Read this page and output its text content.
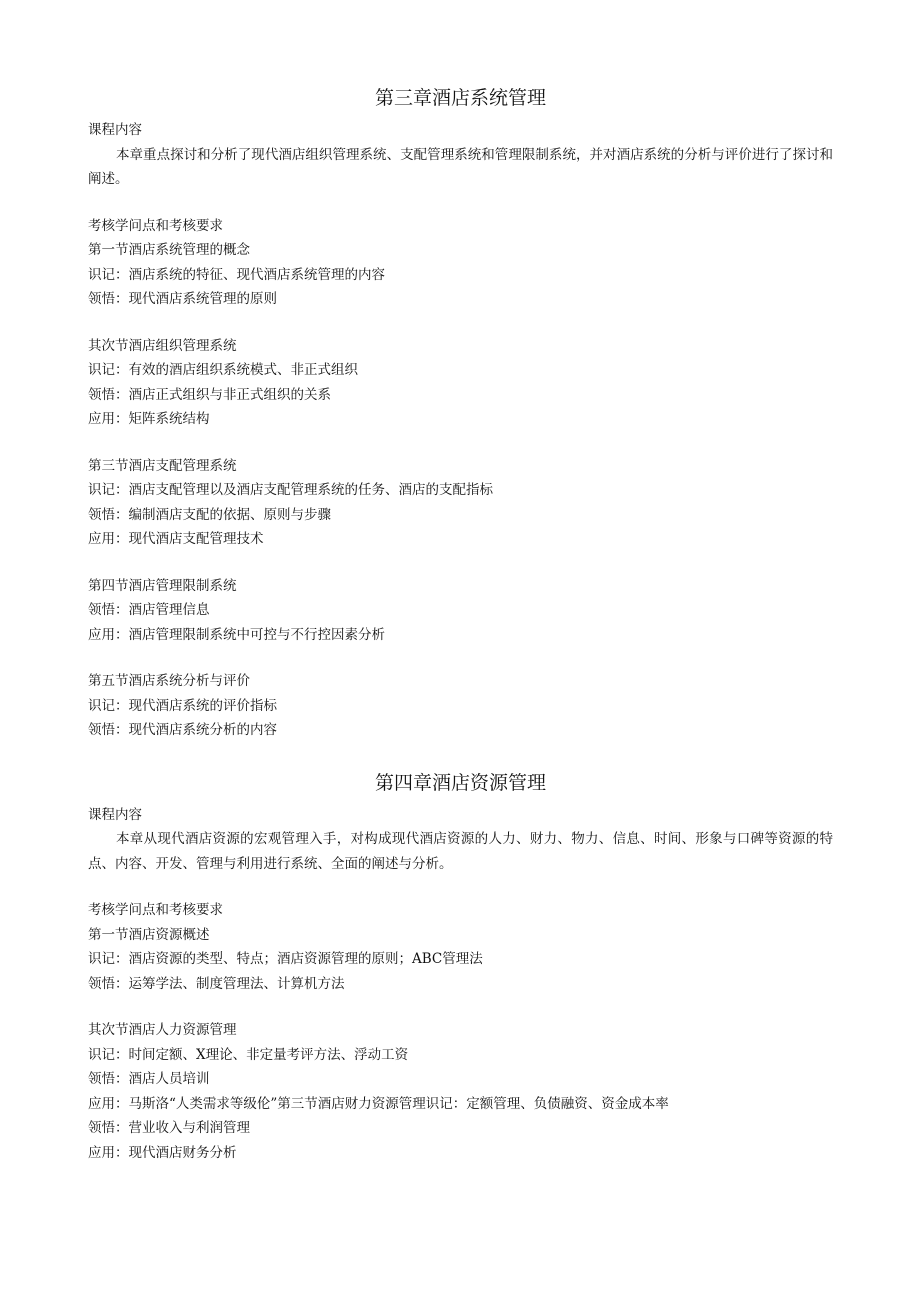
第三章酒店系统管理
课程内容
本章重点探讨和分析了现代酒店组织管理系统、支配管理系统和管理限制系统，并对酒店系统的分析与评价进行了探讨和阐述。
考核学问点和考核要求
第一节酒店系统管理的概念
识记：酒店系统的特征、现代酒店系统管理的内容
领悟：现代酒店系统管理的原则
其次节酒店组织管理系统
识记：有效的酒店组织系统模式、非正式组织
领悟：酒店正式组织与非正式组织的关系
应用：矩阵系统结构
第三节酒店支配管理系统
识记：酒店支配管理以及酒店支配管理系统的任务、酒店的支配指标
领悟：编制酒店支配的依据、原则与步骤
应用：现代酒店支配管理技术
第四节酒店管理限制系统
领悟：酒店管理信息
应用：酒店管理限制系统中可控与不行控因素分析
第五节酒店系统分析与评价
识记：现代酒店系统的评价指标
领悟：现代酒店系统分析的内容
第四章酒店资源管理
课程内容
本章从现代酒店资源的宏观管理入手，对构成现代酒店资源的人力、财力、物力、信息、时间、形象与口碑等资源的特点、内容、开发、管理与利用进行系统、全面的阐述与分析。
考核学问点和考核要求
第一节酒店资源概述
识记：酒店资源的类型、特点；酒店资源管理的原则；ABC管理法
领悟：运筹学法、制度管理法、计算机方法
其次节酒店人力资源管理
识记：时间定额、X理论、非定量考评方法、浮动工资
领悟：酒店人员培训
应用：马斯洛“人类需求等级伦”第三节酒店财力资源管理识记：定额管理、负债融资、资金成本率
领悟：营业收入与利润管理
应用：现代酒店财务分析
